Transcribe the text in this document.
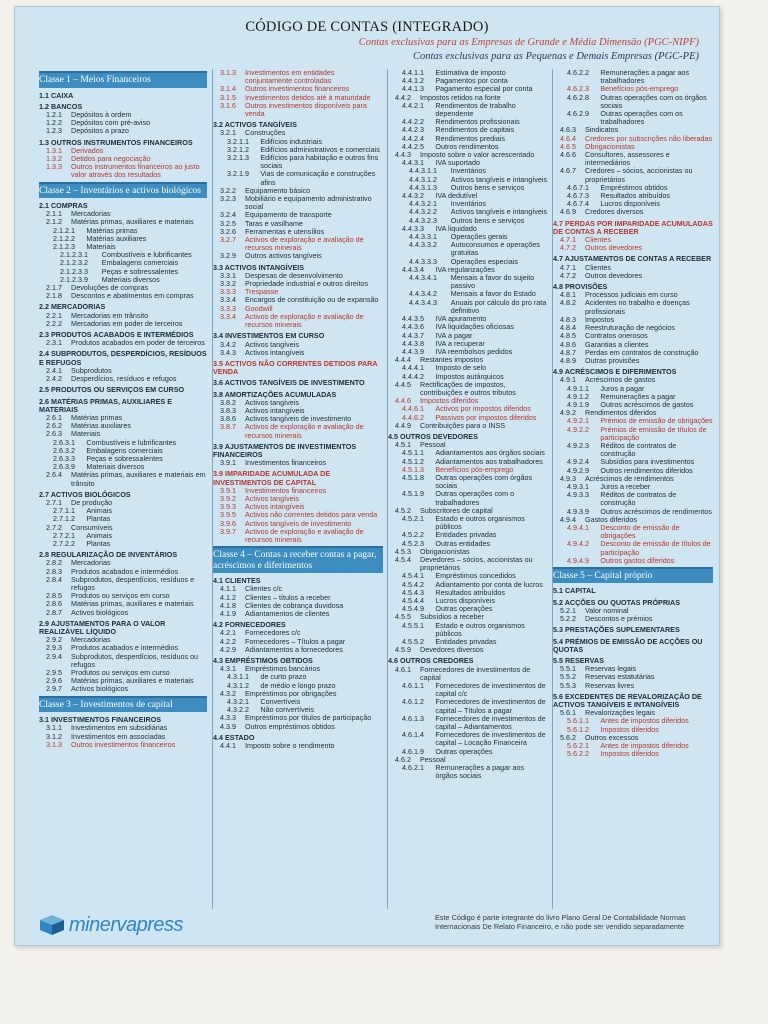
CÓDIGO DE CONTAS (INTEGRADO)
Contas exclusivas para as Empresas de Grande e Média Dimensão (PGC-NIPF)
Contas exclusivas para as Pequenas e Demais Empresas (PGC-PE)
Classe 1 – Meios Financeiros
1.1 CAIXA
1.2 BANCOS
1.2.1	Depósitos à ordem
1.2.2	Depósitos com pré-aviso
1.2.3	Depósitos a prazo
1.3 OUTROS INSTRUMENTOS FINANCEIROS
1.3.1	Derivados
1.3.2	Detidos para negociação
1.3.3	Outros instrumentos financeiros ao justo valor através dos resultados
Classe 2 – Inventários e activos biológicos
2.1 COMPRAS
2.1.1	Mercadorias
2.1.2	Matérias primas, auxiliares e materiais
2.1.2.1	Matérias primas
2.1.2.2	Matérias auxiliares
2.1.2.3	Materiais
2.1.2.3.1	Combustíveis e lubrificantes
2.1.2.3.2	Embalagens comerciais
2.1.2.3.3	Peças e sobressalentes
2.1.2.3.9	Materiais diversos
2.1.7	Devoluções de compras
2.1.8	Descontos e abatimentos em compras
2.2 MERCADORIAS
2.2.1	Mercadorias em trânsito
2.2.2	Mercadorias em poder de terceiros
2.3 PRODUTOS ACABADOS E INTERMÉDIOS
2.3.1	Produtos acabados em poder de terceiros
2.4 SUBPRODUTOS, DESPERDÍCIOS, RESÍDUOS E REFUGOS
2.4.1	Subprodutos
2.4.2	Desperdícios, resíduos e refugos
2.5 PRODUTOS OU SERVIÇOS EM CURSO
2.6 MATÉRIAS PRIMAS, AUXILIARES E MATERIAIS
2.6.1	Matérias primas
2.6.2	Matérias auxiliares
2.6.3	Materiais
2.6.3.1	Combustíveis e lubrificantes
2.6.3.2	Embalagens comerciais
2.6.3.3	Peças e sobressalentes
2.6.3.9	Materiais diversos
2.6.4	Matérias primas, auxiliares e materiais em trânsito
2.7 ACTIVOS BIOLÓGICOS
2.7.1	De produção
2.7.1.1	Animais
2.7.1.2	Plantas
2.7.2	Consumíveis
2.7.2.1	Animais
2.7.2.2	Plantas
2.8 REGULARIZAÇÃO DE INVENTÁRIOS
2.8.2	Mercadorias
2.8.3	Produtos acabados e intermédios
2.8.4	Subprodutos, desperdícios, resíduos e refugos
2.8.5	Produtos ou serviços em curso
2.8.6	Matérias primas, auxiliares e materiais
2.8.7	Activos biológicos
2.9 AJUSTAMENTOS PARA O VALOR REALIZÁVEL LÍQUIDO
2.9.2	Mercadorias
2.9.3	Produtos acabados e intermédios
2.9.4	Subprodutos, desperdícios, resíduos ou refugos
2.9.5	Produtos ou serviços em curso
2.9.6	Matérias primas, auxiliares e materiais
2.9.7	Activos biológicos
Classe 3 – Investimentos de capital
3.1 INVESTIMENTOS FINANCEIROS
3.1.1	Investimentos em subsidiárias
3.1.2	Investimentos em associadas
3.1.3	Outros investimentos financeiros
3.1.3	Investimentos em entidades conjuntamente controladas
3.1.4	Outros investimentos financeiros
3.1.5	Investimentos detidos até à maturidade
3.1.6	Outros investimentos disponíveis para venda
3.2 ACTIVOS TANGÍVEIS
3.2.1	Construções
3.2.1.1	Edifícios industriais
3.2.1.2	Edifícios administrativos e comerciais
3.2.1.3	Edifícios para habitação e outros fins sociais
3.2.1.9	Vias de comunicação e construções afins
3.2.2	Equipamento básico
3.2.3	Mobiliário e equipamento administrativo social
3.2.4	Equipamento de transporte
3.2.5	Taras e vasilhame
3.2.6	Ferramentas e utensílios
3.2.7	Activos de exploração e avaliação de recursos minerais
3.2.9	Outros activos tangíveis
3.3 ACTIVOS INTANGÍVEIS
3.3.1	Despesas de desenvolvimento
3.3.2	Propriedade industrial e outros direitos
3.3.3	Trespasse
3.3.4	Encargos de constituição ou de expansão
3.3.3	Goodwill
3.3.4	Activos de exploração e avaliação de recursos minerais
3.4 INVESTIMENTOS EM CURSO
3.4.2	Activos tangíveis
3.4.3	Activos intangíveis
3.5 ACTIVOS NÃO CORRENTES DETIDOS PARA VENDA
3.6 ACTIVOS TANGÍVEIS DE INVESTIMENTO
3.8 AMORTIZAÇÕES ACUMULADAS
3.8.2	Activos tangíveis
3.8.3	Activos intangíveis
3.8.6	Activos tangíveis de investimento
3.8.7	Activos de exploração e avaliação de recursos minerais
3.9 AJUSTAMENTOS DE INVESTIMENTOS FINANCEIROS
3.9.1	Investimentos financeiros
3.9 IMPARIDADE ACUMULADA DE INVESTIMENTOS DE CAPITAL
3.9.1	Investimentos financeiros
3.9.2	Activos tangíveis
3.9.3	Activos intangíveis
3.9.5	Activos não correntes detidos para venda
3.9.6	Activos tangíveis de investimento
3.9.7	Activos de exploração e avaliação de recursos minerais
Classe 4 – Contas a receber contas a pagar, acréscimos e diferimentos
4.1 CLIENTES
4.1.1	Clientes c/c
4.1.2	Clientes – títulos a receber
4.1.8	Clientes de cobrança duvidosa
4.1.9	Adiantamentos de clientes
4.2 FORNECEDORES
4.2.1	Fornecedores c/c
4.2.2	Fornecedores – Títulos a pagar
4.2.9	Adiantamentos a fornecedores
4.3 EMPRÉSTIMOS OBTIDOS
4.3.1	Empréstimos bancários
4.3.1.1	de curto prazo
4.3.1.2	de médio e longo prazo
4.3.2	Empréstimos por obrigações
4.3.2.1	Convertíveis
4.3.2.2	Não convertíveis
4.3.3	Empréstimos por títulos de participação
4.3.9	Outros empréstimos obtidos
4.4 ESTADO
4.4.1	Imposto sobre o rendimento
4.4.1.1	Estimativa de imposto
4.4.1.2	Pagamentos por conta
4.4.1.3	Pagamento especial por conta
4.4.2	Impostos retidos na fonte
4.4.2.1	Rendimentos de trabalho dependente
4.4.2.2	Rendimentos profissionais
4.4.2.3	Rendimentos de capitais
4.4.2.4	Rendimentos prediais
4.4.2.5	Outros rendimentos
4.4.3	Imposto sobre o valor acrescentado
4.4.3.1	IVA suportado
4.4.3.1.1	Inventários
4.4.3.1.2	Activos tangíveis e intangíveis
4.4.3.1.3	Outros bens e serviços
4.4.3.2	IVA dedutível
4.4.3.2.1	Inventários
4.4.3.2.2	Activos tangíveis e intangíveis
4.4.3.2.3	Outros bens e serviços
4.4.3.3	IVA liquidado
4.4.3.3.1	Operações gerais
4.4.3.3.2	Autoconsumos e operações gratuitas
4.4.3.3.3	Operações especiais
4.4.3.4	IVA regularizações
4.4.3.4.1	Mensais a favor do sujeito passivo
4.4.3.4.2	Mensais a favor do Estado
4.4.3.4.3	Anuais por cálculo do pro rata definitivo
4.4.3.5	IVA apuramento
4.4.3.6	IVA liquidações oficiosas
4.4.3.7	IVA a pagar
4.4.3.8	IVA a recuperar
4.4.3.9	IVA reembolsos pedidos
4.4.4	Restantes impostos
4.4.4.1	Imposto de selo
4.4.4.2	Impostos autárquicos
4.4.5	Rectificações de impostos, contribuições e outros tributos
4.4.6	Impostos diferidos
4.4.6.1	Activos por impostos diferidos
4.4.6.2	Passivos por impostos diferidos
4.4.9	Contribuições para o INSS
4.5 OUTROS DEVEDORES
4.5.1	Pessoal
4.5.1.1	Adiantamentos aos órgãos sociais
4.5.1.2	Adiantamentos aos trabalhadores
4.5.1.3	Benefícios pós-emprego
4.5.1.8	Outras operações com órgãos sociais
4.5.1.9	Outras operações com o trabalhadores
4.5.2	Subscritores de capital
4.5.2.1	Estado e outros organismos públicos
4.5.2.2	Entidades privadas
4.5.2.3	Outras entidades
4.5.3	Obrigacionistas
4.5.4	Devedores – sócios, accionistas ou proprietários
4.5.4.1	Empréstimos concedidos
4.5.4.2	Adiantamento por conta de lucros
4.5.4.3	Resultados atribuídos
4.5.4.4	Lucros disponíveis
4.5.4.9	Outras operações
4.5.5	Subsídios a receber
4.5.5.1	Estado e outros organismos públicos
4.5.5.2	Entidades privadas
4.5.9	Devedores diversos
4.6 OUTROS CREDORES
4.6.1	Fornecedores de investimentos de capital
4.6.1.1	Fornecedores de investimentos de capital c/c
4.6.1.2	Fornecedores de investimentos de capital – Títulos a pagar
4.6.1.3	Fornecedores de investimentos de capital – Adiantamentos
4.6.1.4	Fornecedores de investimentos de capital – Locação Financeira
4.6.1.9	Outras operações
4.6.2	Pessoal
4.6.2.1	Remunerações a pagar aos órgãos sociais
4.6.2.2	Remunerações a pagar aos trabalhadores
4.6.2.3	Benefícios pós-emprego
4.6.2.8	Outras operações com os órgãos sociais
4.6.2.9	Outras operações com os trabalhadores
4.6.3	Sindicatos
4.6.4	Credores por subscrições não liberadas
4.6.5	Obrigacionistas
4.6.6	Consultores, assessores e intermediários
4.6.7	Credores – sócios, accionistas ou proprietários
4.6.7.1	Empréstimos obtidos
4.6.7.3	Resultados atribuídos
4.6.7.4	Lucros disponíveis
4.6.9	Credores diversos
4.7 PERDAS POR IMPARIDADE ACUMULADAS DE CONTAS A RECEBER
4.7.1	Clientes
4.7.2	Outros devedores
4.7 AJUSTAMENTOS DE CONTAS A RECEBER
4.7.1	Clientes
4.7.2	Outros devedores
4.8 PROVISÕES
4.8.1	Processos judiciais em curso
4.8.2	Acidentes no trabalho e doenças profissionais
4.8.3	Impostos
4.8.4	Reestruturação de negócios
4.8.5	Contratos onerosos
4.8.6	Garantias a clientes
4.8.7	Perdas em contratos de construção
4.8.9	Outras provisões
4.9 ACRÉSCIMOS E DIFERIMENTOS
4.9.1	Acréscimos de gastos
4.9.1.1	Juros a pagar
4.9.1.2	Remunerações a pagar
4.9.1.9	Outros acréscimos de gastos
4.9.2	Rendimentos diferidos
4.9.2.1	Prémios de emissão de obrigações
4.9.2.2	Prémios de emissão de títulos de participação
4.9.2.3	Réditos de contratos de construção
4.9.2.4	Subsídios para investimentos
4.9.2.9	Outros rendimentos diferidos
4.9.3	Acréscimos de rendimentos
4.9.3.1	Juros a receber
4.9.3.3	Réditos de contratos de construção
4.9.3.9	Outros acréscimos de rendimentos
4.9.4	Gastos diferidos
4.9.4.1	Desconto de emissão de obrigações
4.9.4.2	Desconto de emissão de títulos de participação
4.9.4.9	Outros gastos diferidos
Classe 5 – Capital próprio
5.1 CAPITAL
5.2 ACÇÕES OU QUOTAS PRÓPRIAS
5.2.1	Valor nominal
5.2.2	Descontos e prémios
5.3 PRESTAÇÕES SUPLEMENTARES
5.4 PRÉMIOS DE EMISSÃO DE ACÇÕES OU QUOTAS
5.5 RESERVAS
5.5.1	Reservas legais
5.5.2	Reservas estatutárias
5.5.3	Reservas livres
5.6 EXCEDENTES DE REVALORIZAÇÃO DE ACTIVOS TANGÍVEIS E INTANGÍVEIS
5.6.1	Revalorizações legais
5.6.1.1	Antes de impostos diferidos
5.6.1.2	Impostos diferidos
5.6.2	Outros excessos
5.6.2.1	Antes de impostos diferidos
5.6.2.2	Impostos diferidos
minervapress	Este Código é parte integrante do livro Plano Geral De Contabilidade Normas Internacionais De Relato Financeiro, e não pode ser vendido separadamente
